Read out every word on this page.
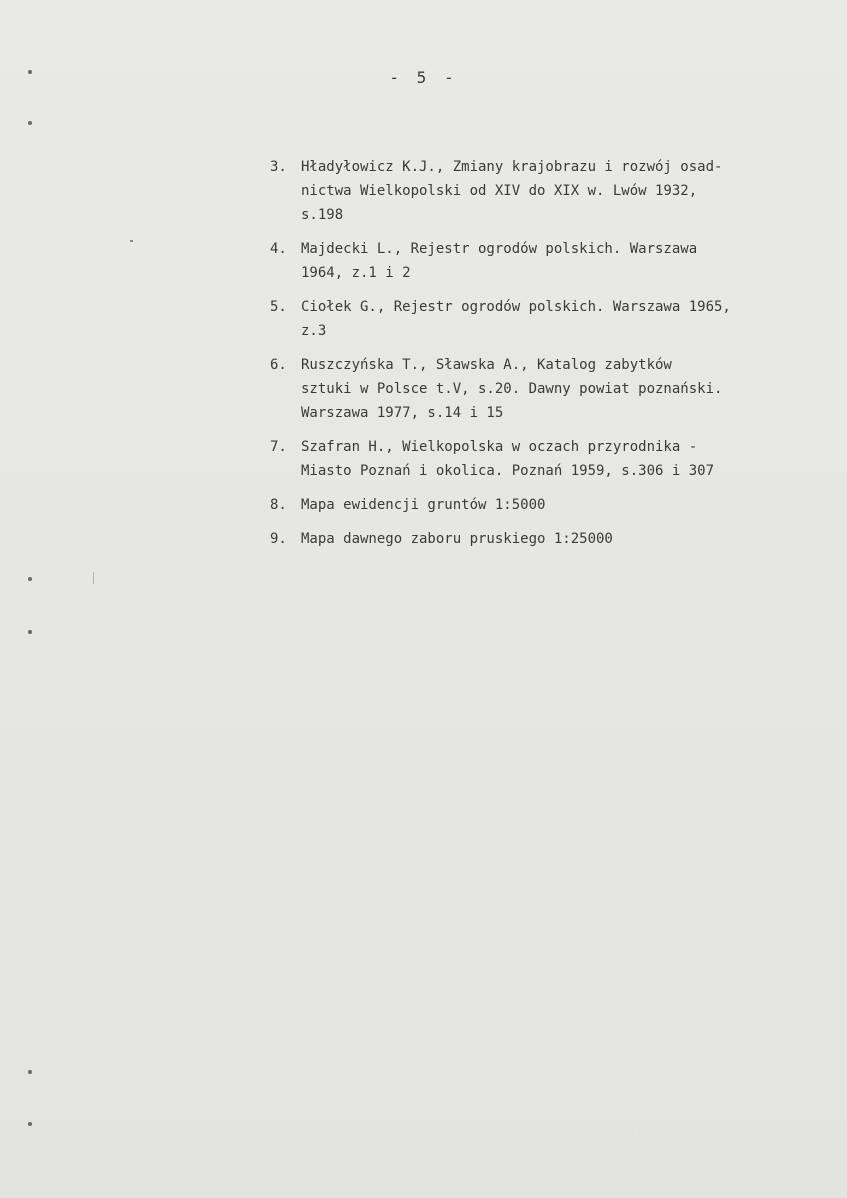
- 5 -
3.	Hładyłowicz K.J., Zmiany krajobrazu i rozwój osad-
nictwa Wielkopolski od XIV do XIX w. Lwów 1932,
s.198
4.	Majdecki L., Rejestr ogrodów polskich. Warszawa
1964, z.1 i 2
5.	Ciołek G., Rejestr ogrodów polskich. Warszawa 1965,
z.3
6.	Ruszczyńska T., Sławska A., Katalog zabytków
sztuki w Polsce t.V, s.20. Dawny powiat poznański.
Warszawa 1977, s.14 i 15
7.	Szafran H., Wielkopolska w oczach przyrodnika -
Miasto Poznań i okolica. Poznań 1959, s.306 i 307
8.	Mapa ewidencji gruntów 1:5000
9.	Mapa dawnego zaboru pruskiego 1:25000
